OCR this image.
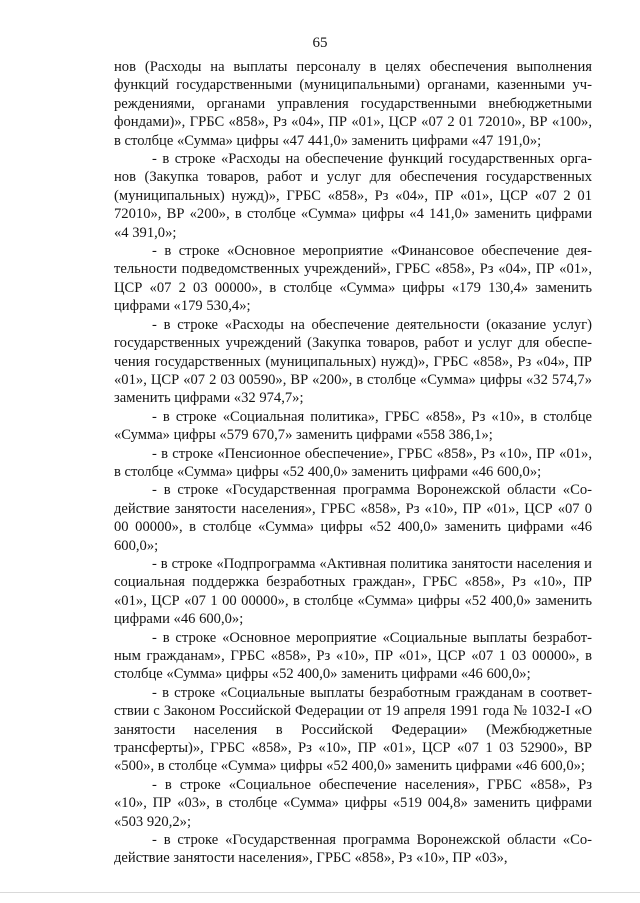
65

нов (Расходы на выплаты персоналу в целях обеспечения выполнения функций государственными (муниципальными) органами, казенными учреждениями, органами управления государственными внебюджетными фондами)», ГРБС «858», Рз «04», ПР «01», ЦСР «07 2 01 72010», ВР «100», в столбце «Сумма» цифры «47 441,0» заменить цифрами «47 191,0»;

- в строке «Расходы на обеспечение функций государственных органов (Закупка товаров, работ и услуг для обеспечения государственных (муниципальных) нужд)», ГРБС «858», Рз «04», ПР «01», ЦСР «07 2 01 72010», ВР «200», в столбце «Сумма» цифры «4 141,0» заменить цифрами «4 391,0»;

- в строке «Основное мероприятие «Финансовое обеспечение деятельности подведомственных учреждений», ГРБС «858», Рз «04», ПР «01», ЦСР «07 2 03 00000», в столбце «Сумма» цифры «179 130,4» заменить цифрами «179 530,4»;

- в строке «Расходы на обеспечение деятельности (оказание услуг) государственных учреждений (Закупка товаров, работ и услуг для обеспечения государственных (муниципальных) нужд)», ГРБС «858», Рз «04», ПР «01», ЦСР «07 2 03 00590», ВР «200», в столбце «Сумма» цифры «32 574,7» заменить цифрами «32 974,7»;

- в строке «Социальная политика», ГРБС «858», Рз «10», в столбце «Сумма» цифры «579 670,7» заменить цифрами «558 386,1»;

- в строке «Пенсионное обеспечение», ГРБС «858», Рз «10», ПР «01», в столбце «Сумма» цифры «52 400,0» заменить цифрами «46 600,0»;

- в строке «Государственная программа Воронежской области «Содействие занятости населения», ГРБС «858», Рз «10», ПР «01», ЦСР «07 0 00 00000», в столбце «Сумма» цифры «52 400,0» заменить цифрами «46 600,0»;

- в строке «Подпрограмма «Активная политика занятости населения и социальная поддержка безработных граждан», ГРБС «858», Рз «10», ПР «01», ЦСР «07 1 00 00000», в столбце «Сумма» цифры «52 400,0» заменить цифрами «46 600,0»;

- в строке «Основное мероприятие «Социальные выплаты безработным гражданам», ГРБС «858», Рз «10», ПР «01», ЦСР «07 1 03 00000», в столбце «Сумма» цифры «52 400,0» заменить цифрами «46 600,0»;

- в строке «Социальные выплаты безработным гражданам в соответствии с Законом Российской Федерации от 19 апреля 1991 года № 1032-I «О занятости населения в Российской Федерации» (Межбюджетные трансферты)», ГРБС «858», Рз «10», ПР «01», ЦСР «07 1 03 52900», ВР «500», в столбце «Сумма» цифры «52 400,0» заменить цифрами «46 600,0»;

- в строке «Социальное обеспечение населения», ГРБС «858», Рз «10», ПР «03», в столбце «Сумма» цифры «519 004,8» заменить цифрами «503 920,2»;

- в строке «Государственная программа Воронежской области «Содействие занятости населения», ГРБС «858», Рз «10», ПР «03»,
